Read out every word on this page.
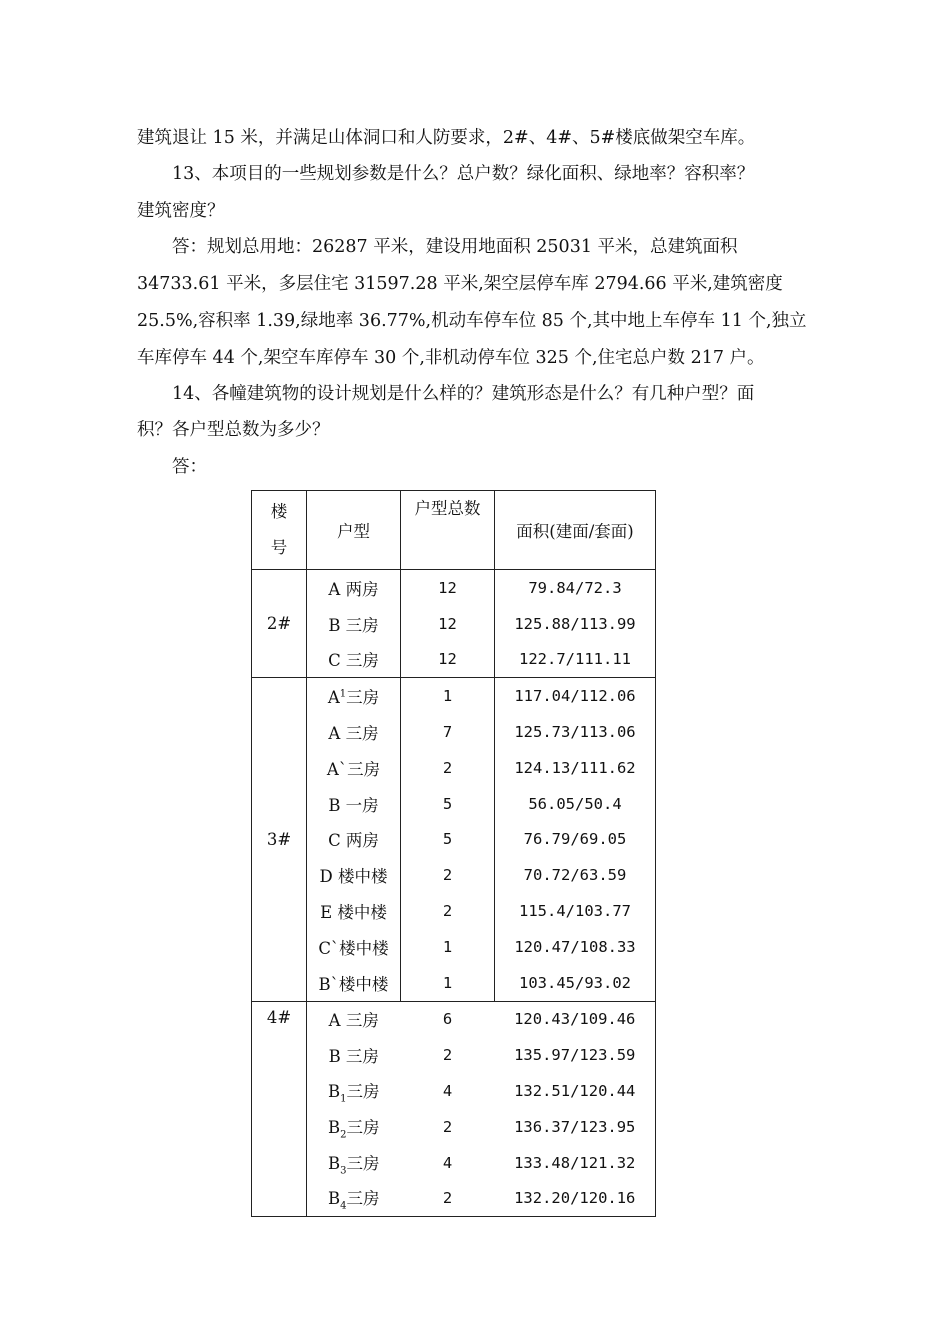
建筑退让 15 米，并满足山体洞口和人防要求，2#、4#、5#楼底做架空车库。
13、本项目的一些规划参数是什么？总户数？绿化面积、绿地率？容积率？
建筑密度？
答：规划总用地：26287 平米，建设用地面积 25031 平米，总建筑面积
34733.61 平米，多层住宅 31597.28 平米,架空层停车库 2794.66 平米,建筑密度
25.5%,容积率 1.39,绿地率 36.77%,机动车停车位 85 个,其中地上车停车 11 个,独立
车库停车 44 个,架空车库停车 30 个,非机动停车位 325 个,住宅总户数 217 户。
14、各幢建筑物的设计规划是什么样的？建筑形态是什么？有几种户型？面
积？各户型总数为多少？
答：
楼
号	户型	户型总数	面积(建面/套面)
2#	A 两房	12	79.84/72.3
	B 三房	12	125.88/113.99
	C 三房	12	122.7/111.11
3#	$A^1$三房	1	117.04/112.06
	A 三房	7	125.73/113.06
	A`三房	2	124.13/111.62
	B 一房	5	56.05/50.4
	C 两房	5	76.79/69.05
	D 楼中楼	2	70.72/63.59
	E 楼中楼	2	115.4/103.77
	C`楼中楼	1	120.47/108.33
	B`楼中楼	1	103.45/93.02
4#	A 三房	6	120.43/109.46
	B 三房	2	135.97/123.59
	$B_1$三房	4	132.51/120.44
	$B_2$三房	2	136.37/123.95
	$B_3$三房	4	133.48/121.32
	$B_4$三房	2	132.20/120.16
